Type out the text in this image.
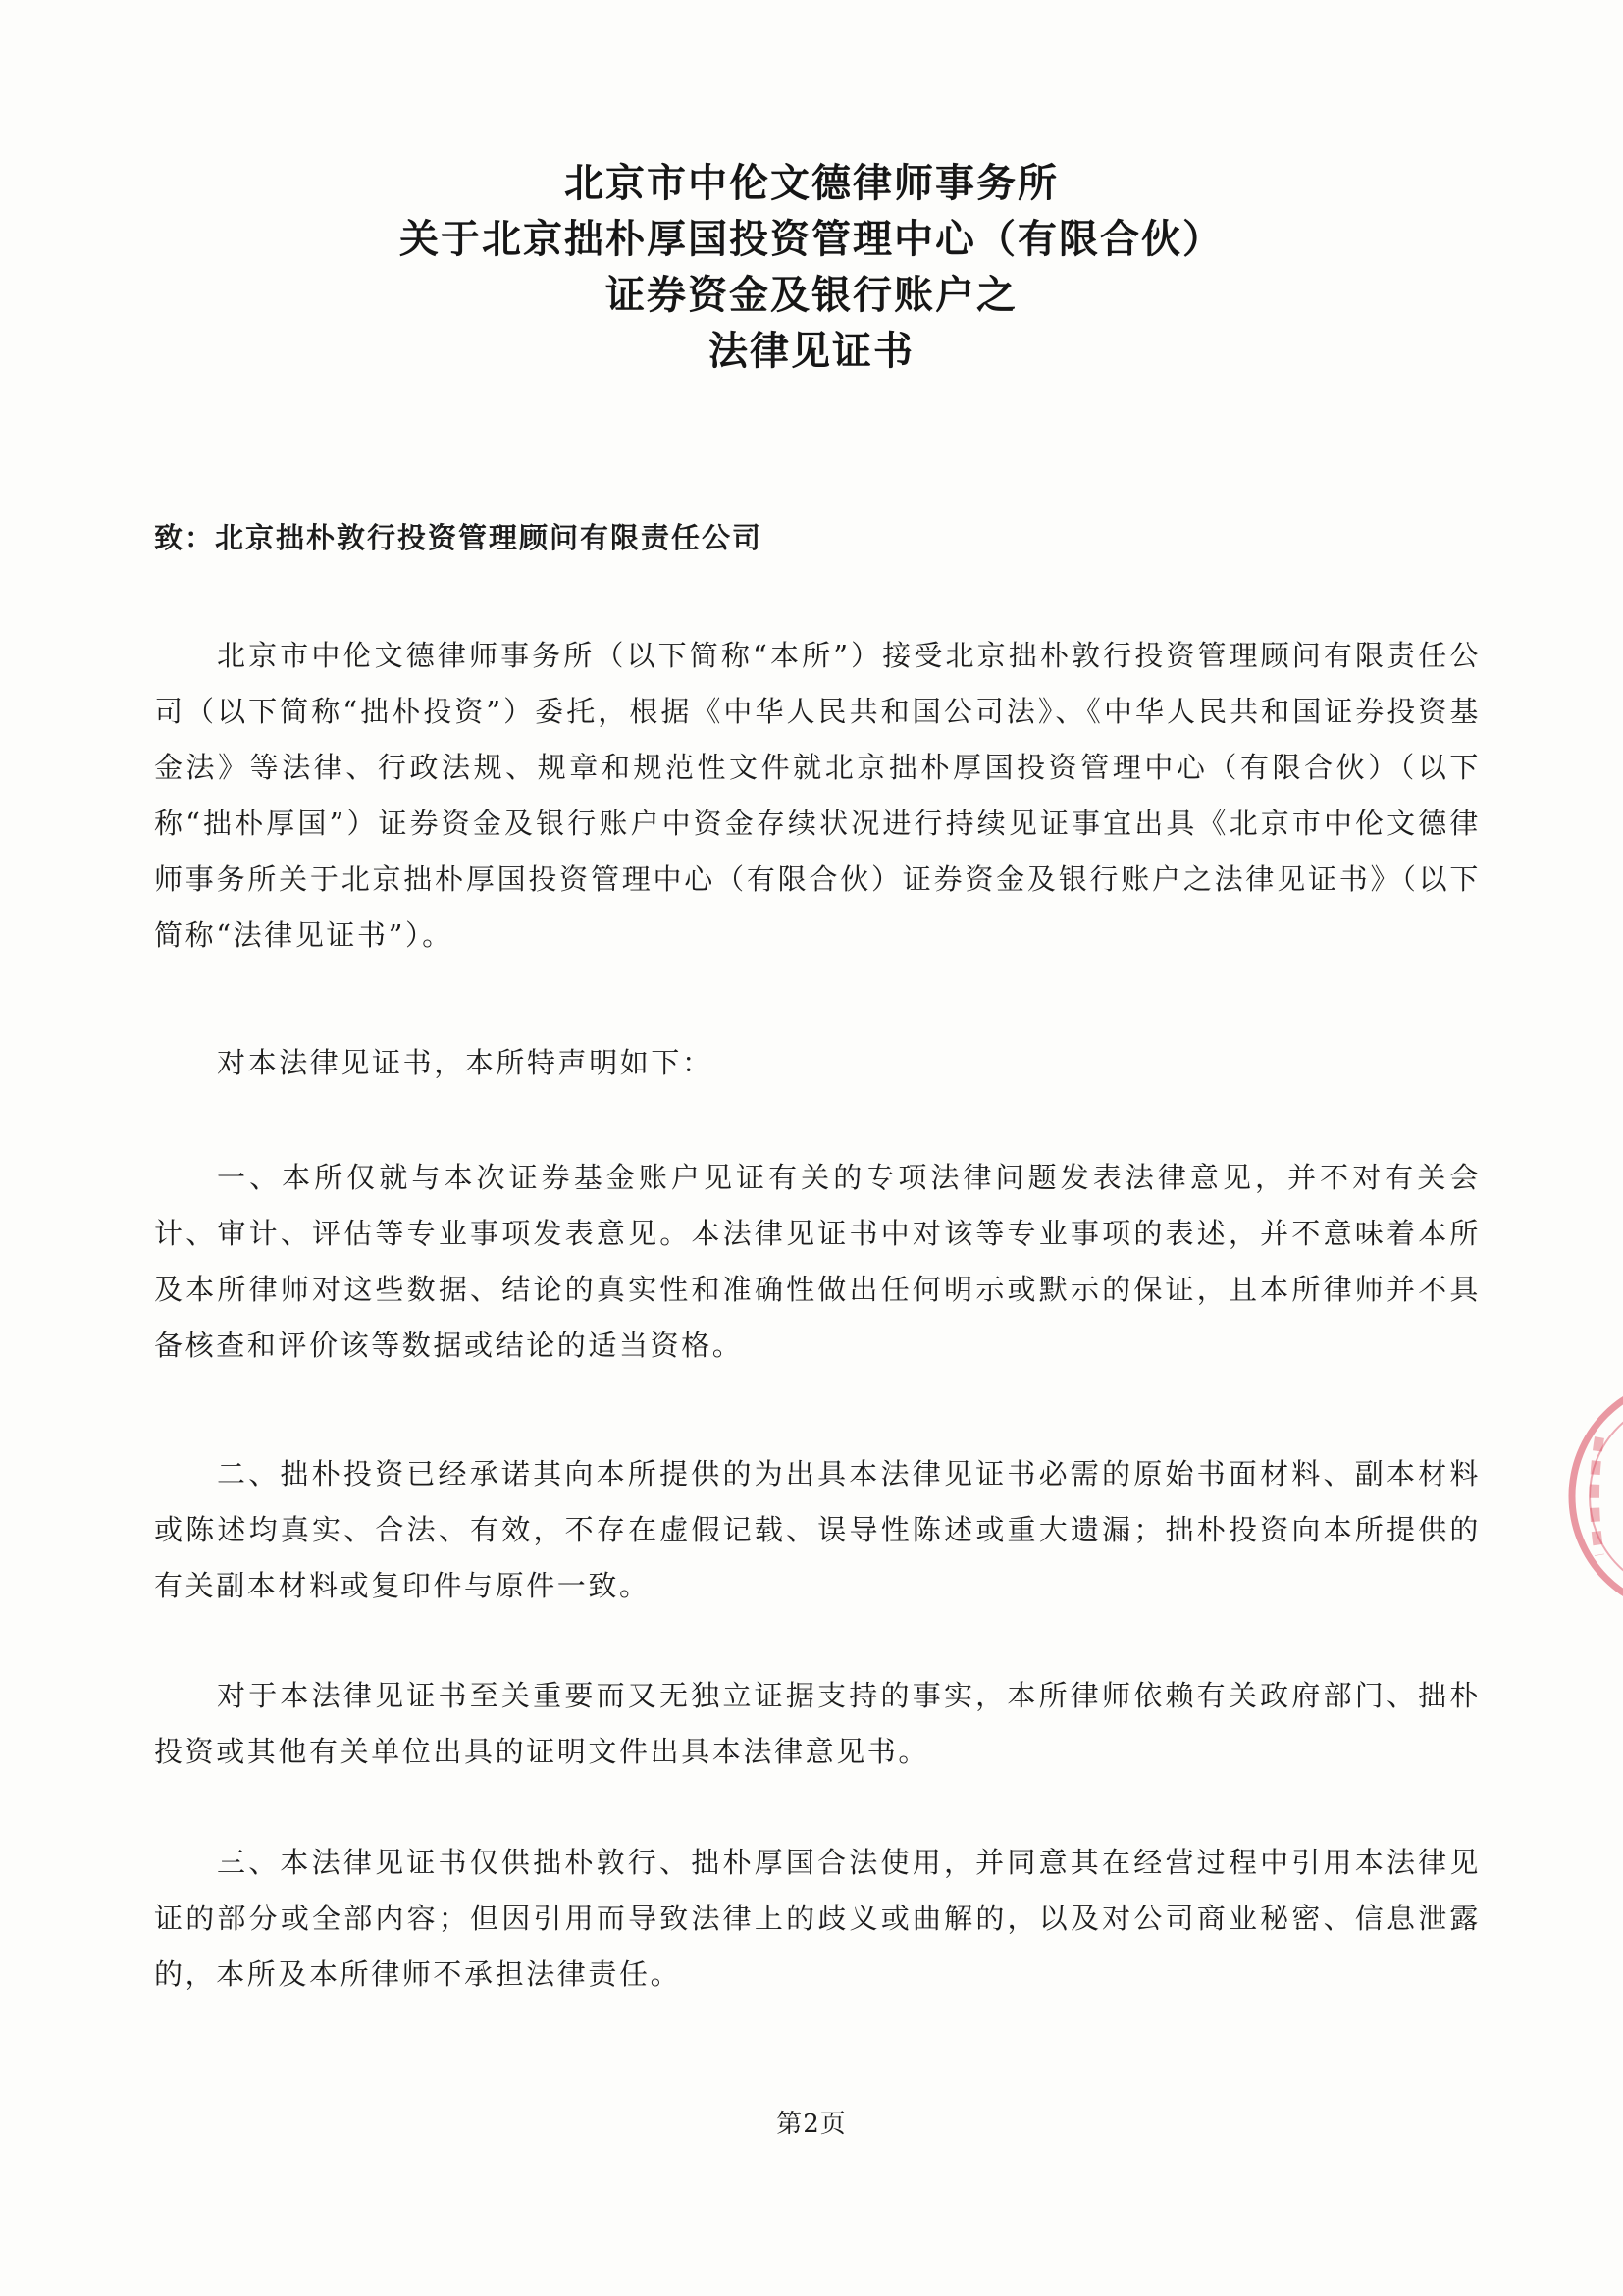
北京市中伦文德律师事务所
关于北京拙朴厚国投资管理中心（有限合伙）
证券资金及银行账户之
法律见证书
致：北京拙朴敦行投资管理顾问有限责任公司

北京市中伦文德律师事务所（以下简称“本所”）接受北京拙朴敦行投资管理顾问有限责任公司（以下简称“拙朴投资”）委托，根据《中华人民共和国公司法》、《中华人民共和国证券投资基金法》等法律、行政法规、规章和规范性文件就北京拙朴厚国投资管理中心（有限合伙）（以下称“拙朴厚国”）证券资金及银行账户中资金存续状况进行持续见证事宜出具《北京市中伦文德律师事务所关于北京拙朴厚国投资管理中心（有限合伙）证券资金及银行账户之法律见证书》（以下简称“法律见证书”）。

对本法律见证书，本所特声明如下：

一、本所仅就与本次证券基金账户见证有关的专项法律问题发表法律意见，并不对有关会计、审计、评估等专业事项发表意见。本法律见证书中对该等专业事项的表述，并不意味着本所及本所律师对这些数据、结论的真实性和准确性做出任何明示或默示的保证，且本所律师并不具备核查和评价该等数据或结论的适当资格。

二、拙朴投资已经承诺其向本所提供的为出具本法律见证书必需的原始书面材料、副本材料或陈述均真实、合法、有效，不存在虚假记载、误导性陈述或重大遗漏；拙朴投资向本所提供的有关副本材料或复印件与原件一致。

对于本法律见证书至关重要而又无独立证据支持的事实，本所律师依赖有关政府部门、拙朴投资或其他有关单位出具的证明文件出具本法律意见书。

三、本法律见证书仅供拙朴敦行、拙朴厚国合法使用，并同意其在经营过程中引用本法律见证的部分或全部内容；但因引用而导致法律上的歧义或曲解的，以及对公司商业秘密、信息泄露的，本所及本所律师不承担法律责任。

第2页
